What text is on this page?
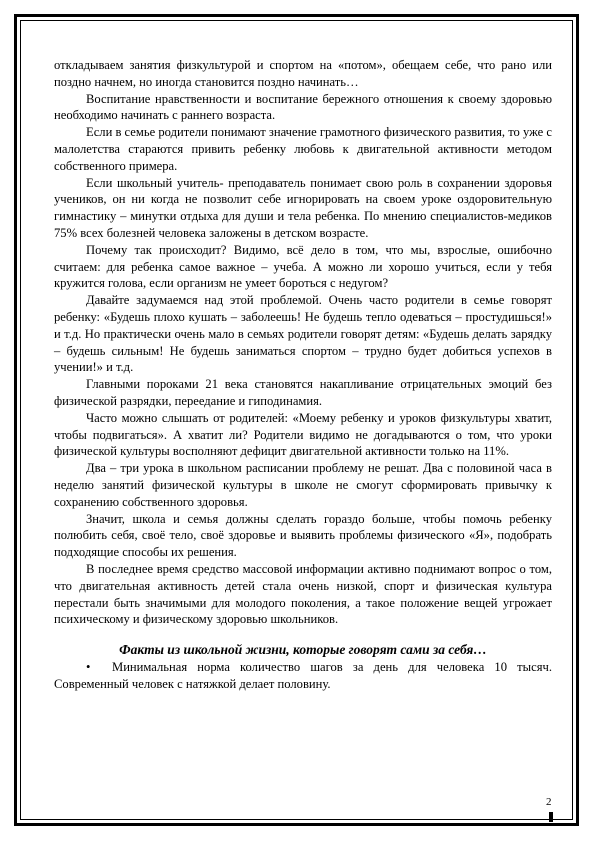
откладываем занятия физкультурой и спортом на «потом», обещаем себе, что рано или поздно начнем, но иногда становится поздно начинать…

Воспитание нравственности и воспитание бережного отношения к своему здоровью необходимо начинать с раннего возраста.

Если в семье родители понимают значение грамотного физического развития, то уже с малолетства стараются привить ребенку любовь к двигательной активности методом собственного примера.

Если школьный учитель- преподаватель понимает свою роль в сохранении здоровья учеников, он ни когда не позволит себе игнорировать на своем уроке оздоровительную гимнастику – минутки отдыха для души и тела ребенка. По мнению специалистов-медиков 75% всех болезней человека заложены в детском возрасте.

Почему так происходит? Видимо, всё дело в том, что мы, взрослые, ошибочно считаем: для ребенка самое важное – учеба. А можно ли хорошо учиться, если у тебя кружится голова, если организм не умеет бороться с недугом?

Давайте задумаемся над этой проблемой. Очень часто родители в семье говорят ребенку: «Будешь плохо кушать – заболеешь! Не будешь тепло одеваться – простудишься!» и т.д. Но практически очень мало в семьях родители говорят детям: «Будешь делать зарядку – будешь сильным! Не будешь заниматься спортом – трудно будет добиться успехов в учении!» и т.д.

Главными пороками 21 века становятся накапливание отрицательных эмоций без физической разрядки, переедание и гиподинамия.

Часто можно слышать от родителей: «Моему ребенку и уроков физкультуры хватит, чтобы подвигаться». А хватит ли? Родители видимо не догадываются о том, что уроки физической культуры восполняют дефицит двигательной активности только на 11%.

Два – три урока в школьном расписании проблему не решат. Два с половиной часа в неделю занятий физической культуры в школе не смогут сформировать привычку к сохранению собственного здоровья.

Значит, школа и семья должны сделать гораздо больше, чтобы помочь ребенку полюбить себя, своё тело, своё здоровье и выявить проблемы физического «Я», подобрать подходящие способы их решения.

В последнее время средство массовой информации активно поднимают вопрос о том, что двигательная активность детей стала очень низкой, спорт и физическая культура перестали быть значимыми для молодого поколения, а такое положение вещей угрожает психическому и физическому здоровью школьников.

Факты из школьной жизни, которые говорят сами за себя…

• Минимальная норма количество шагов за день для человека 10 тысяч. Современный человек с натяжкой делает половину.

2
